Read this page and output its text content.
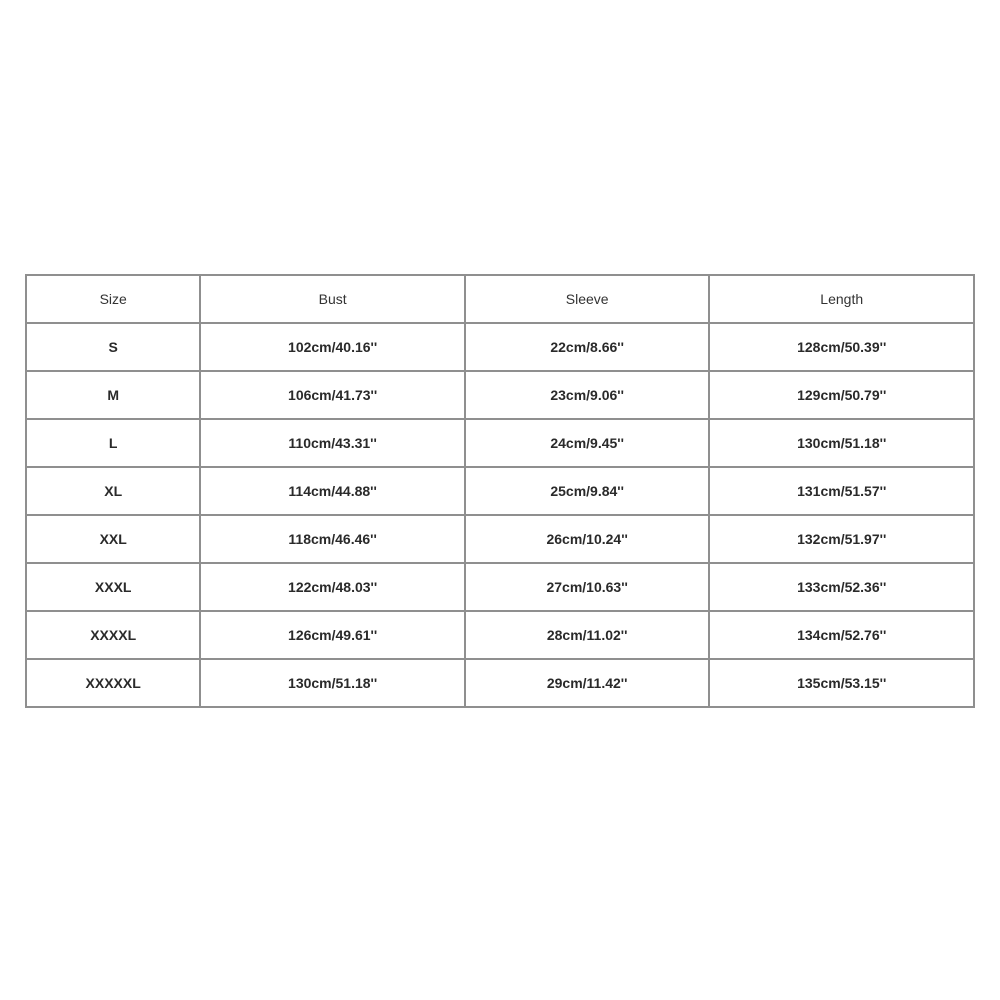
Size	Bust	Sleeve	Length
S	102cm/40.16''	22cm/8.66''	128cm/50.39''
M	106cm/41.73''	23cm/9.06''	129cm/50.79''
L	110cm/43.31''	24cm/9.45''	130cm/51.18''
XL	114cm/44.88''	25cm/9.84''	131cm/51.57''
XXL	118cm/46.46''	26cm/10.24''	132cm/51.97''
XXXL	122cm/48.03''	27cm/10.63''	133cm/52.36''
XXXXL	126cm/49.61''	28cm/11.02''	134cm/52.76''
XXXXXL	130cm/51.18''	29cm/11.42''	135cm/53.15''
